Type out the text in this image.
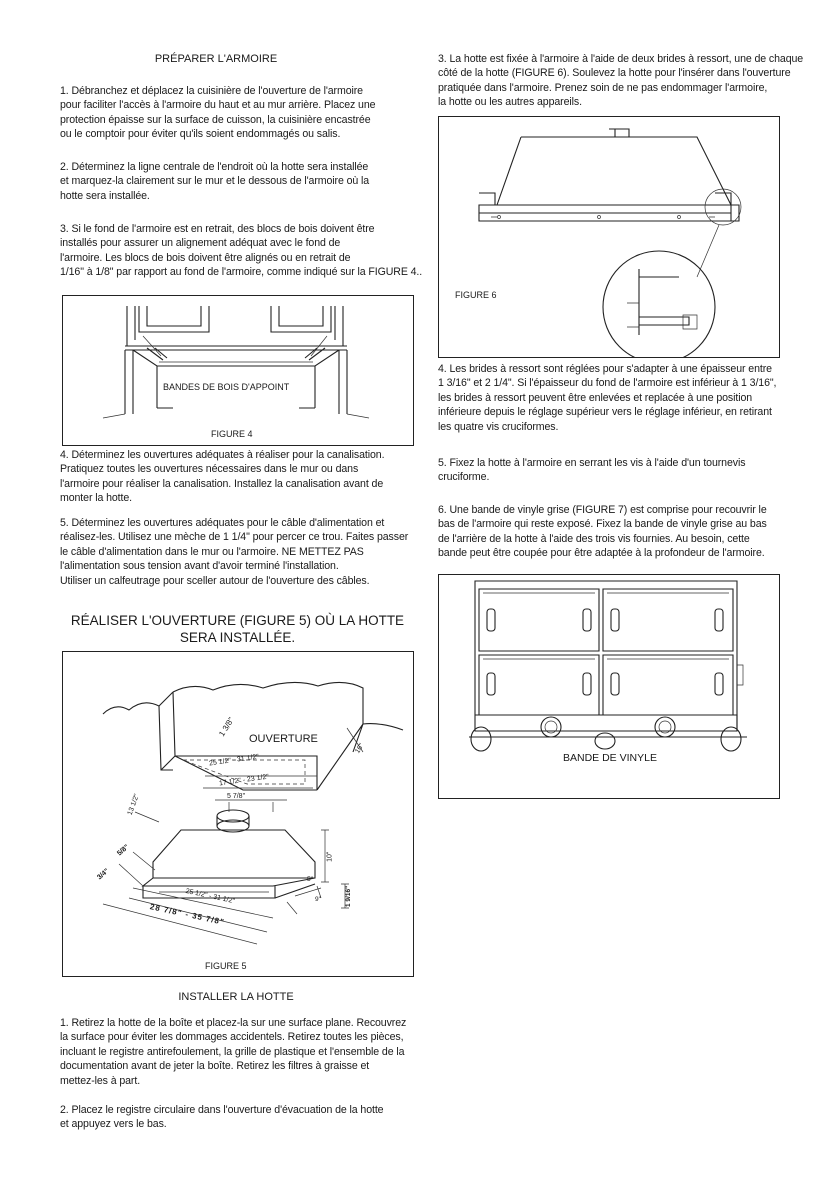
PRÉPARER L'ARMOIRE
1. Débranchez et déplacez la cuisinière de l'ouverture de l'armoire
pour faciliter l'accès à l'armoire du haut et au mur arrière. Placez une
protection épaisse sur la surface de cuisson, la cuisinière encastrée
ou le comptoir pour éviter qu'ils soient endommagés ou salis.
2. Déterminez la ligne centrale de l'endroit où la hotte sera installée
et marquez-la clairement sur le mur et le dessous de l'armoire où la
hotte sera installée.
3. Si le fond de l'armoire est en retrait, des blocs de bois doivent être
installés pour assurer un alignement adéquat avec le fond de
l'armoire. Les blocs de bois doivent être alignés ou en retrait de
1/16" à 1/8" par rapport au fond de l'armoire, comme indiqué sur la FIGURE 4..
BANDES DE BOIS D'APPOINT
FIGURE 4
4. Déterminez les ouvertures adéquates à réaliser pour la canalisation.
Pratiquez toutes les ouvertures nécessaires dans le mur ou dans
l'armoire pour réaliser la canalisation. Installez la canalisation avant de
monter la hotte.
5. Déterminez les ouvertures adéquates pour le câble d'alimentation et
réalisez-les. Utilisez une mèche de 1 1/4" pour percer ce trou. Faites passer
le câble d'alimentation dans le mur ou l'armoire. NE METTEZ PAS
l'alimentation sous tension avant d'avoir terminé l'installation.
Utiliser un calfeutrage pour sceller autour de l'ouverture des câbles.
RÉALISER L'OUVERTURE (FIGURE 5) OÙ LA HOTTE
SERA INSTALLÉE.
OUVERTURE
1 3/8"
16"
25 1/2" - 31 1/2"
17 1/2" - 23 1/2"
5 7/8"
13 1/2"
5/8"
3/4"
10"
5"
9"	1 9/16"
25 1/2" - 31 1/2"
28 7/8" - 35 7/8"
FIGURE 5
INSTALLER LA HOTTE
1. Retirez la hotte de la boîte et placez-la sur une surface plane. Recouvrez
la surface pour éviter les dommages accidentels. Retirez toutes les pièces,
incluant le registre antirefoulement, la grille de plastique et l'ensemble de la
documentation avant de jeter la boîte. Retirez les filtres à graisse et
mettez-les à part.
2. Placez le registre circulaire dans l'ouverture d'évacuation de la hotte
et appuyez vers le bas.
3. La hotte est fixée à l'armoire à l'aide de deux brides à ressort, une de chaque
côté de la hotte (FIGURE 6). Soulevez la hotte pour l'insérer dans l'ouverture
pratiquée dans l'armoire. Prenez soin de ne pas endommager l'armoire,
la hotte ou les autres appareils.
FIGURE 6
4. Les brides à ressort sont réglées pour s'adapter à une épaisseur entre
1 3/16" et 2 1/4". Si l'épaisseur du fond de l'armoire est inférieur à 1 3/16",
les brides à ressort peuvent être enlevées et replacée à une position
inférieure depuis le réglage supérieur vers le réglage inférieur, en retirant
les quatre vis cruciformes.
5. Fixez la hotte à l'armoire en serrant les vis à l'aide d'un tournevis
cruciforme.
6. Une bande de vinyle grise (FIGURE 7) est comprise pour recouvrir le
bas de l'armoire qui reste exposé. Fixez la bande de vinyle grise au bas
de l'arrière de la hotte à l'aide des trois vis fournies. Au besoin, cette
bande peut être coupée pour être adaptée à la profondeur de l'armoire.
BANDE DE VINYLE
